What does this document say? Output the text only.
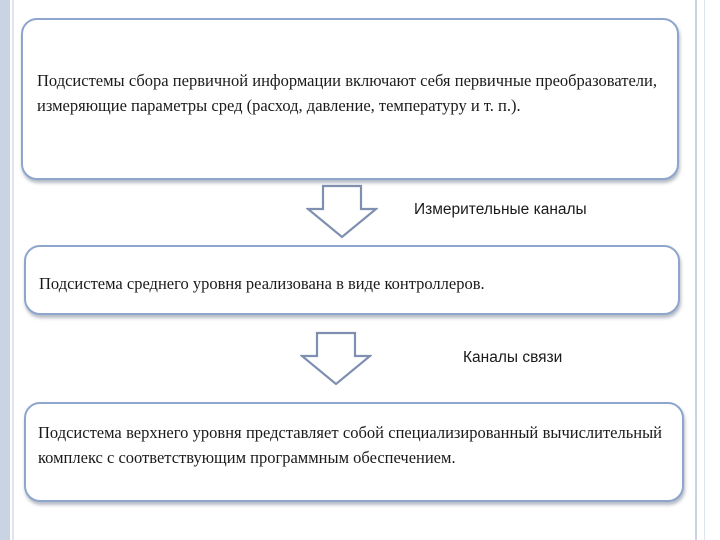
Подсистемы сбора первичной информации включают себя первичные преобразователи, измеряющие параметры сред (расход, давление, температуру и т. п.).

Измерительные каналы

Подсистема среднего уровня реализована в виде контроллеров.

Каналы связи

Подсистема верхнего уровня представляет собой специализированный вычислительный комплекс с соответствующим программным обеспечением.
